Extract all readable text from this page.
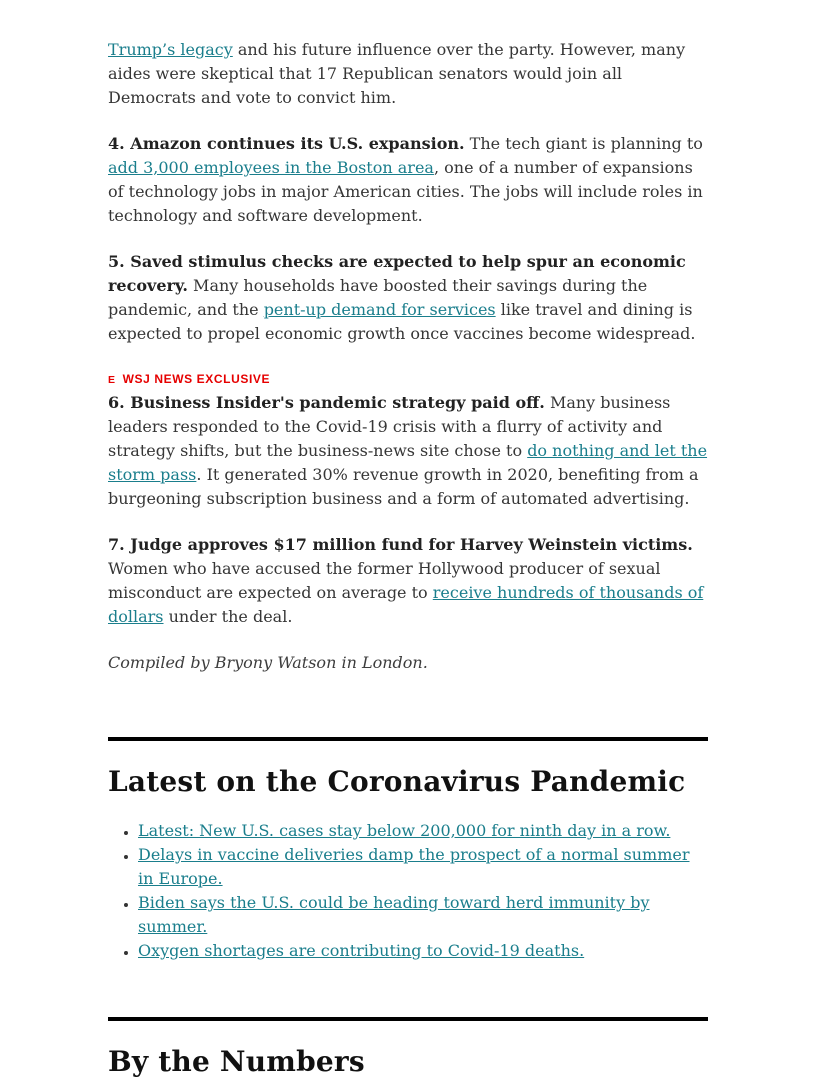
Trump’s legacy and his future influence over the party. However, many aides were skeptical that 17 Republican senators would join all Democrats and vote to convict him.

4. Amazon continues its U.S. expansion. The tech giant is planning to add 3,000 employees in the Boston area, one of a number of expansions of technology jobs in major American cities. The jobs will include roles in technology and software development.

5. Saved stimulus checks are expected to help spur an economic recovery. Many households have boosted their savings during the pandemic, and the pent-up demand for services like travel and dining is expected to propel economic growth once vaccines become widespread.

E WSJ NEWS EXCLUSIVE

6. Business Insider's pandemic strategy paid off. Many business leaders responded to the Covid-19 crisis with a flurry of activity and strategy shifts, but the business-news site chose to do nothing and let the storm pass. It generated 30% revenue growth in 2020, benefiting from a burgeoning subscription business and a form of automated advertising.

7. Judge approves $17 million fund for Harvey Weinstein victims. Women who have accused the former Hollywood producer of sexual misconduct are expected on average to receive hundreds of thousands of dollars under the deal.

Compiled by Bryony Watson in London.

Latest on the Coronavirus Pandemic
• Latest: New U.S. cases stay below 200,000 for ninth day in a row.
• Delays in vaccine deliveries damp the prospect of a normal summer in Europe.
• Biden says the U.S. could be heading toward herd immunity by summer.
• Oxygen shortages are contributing to Covid-19 deaths.
By the Numbers
